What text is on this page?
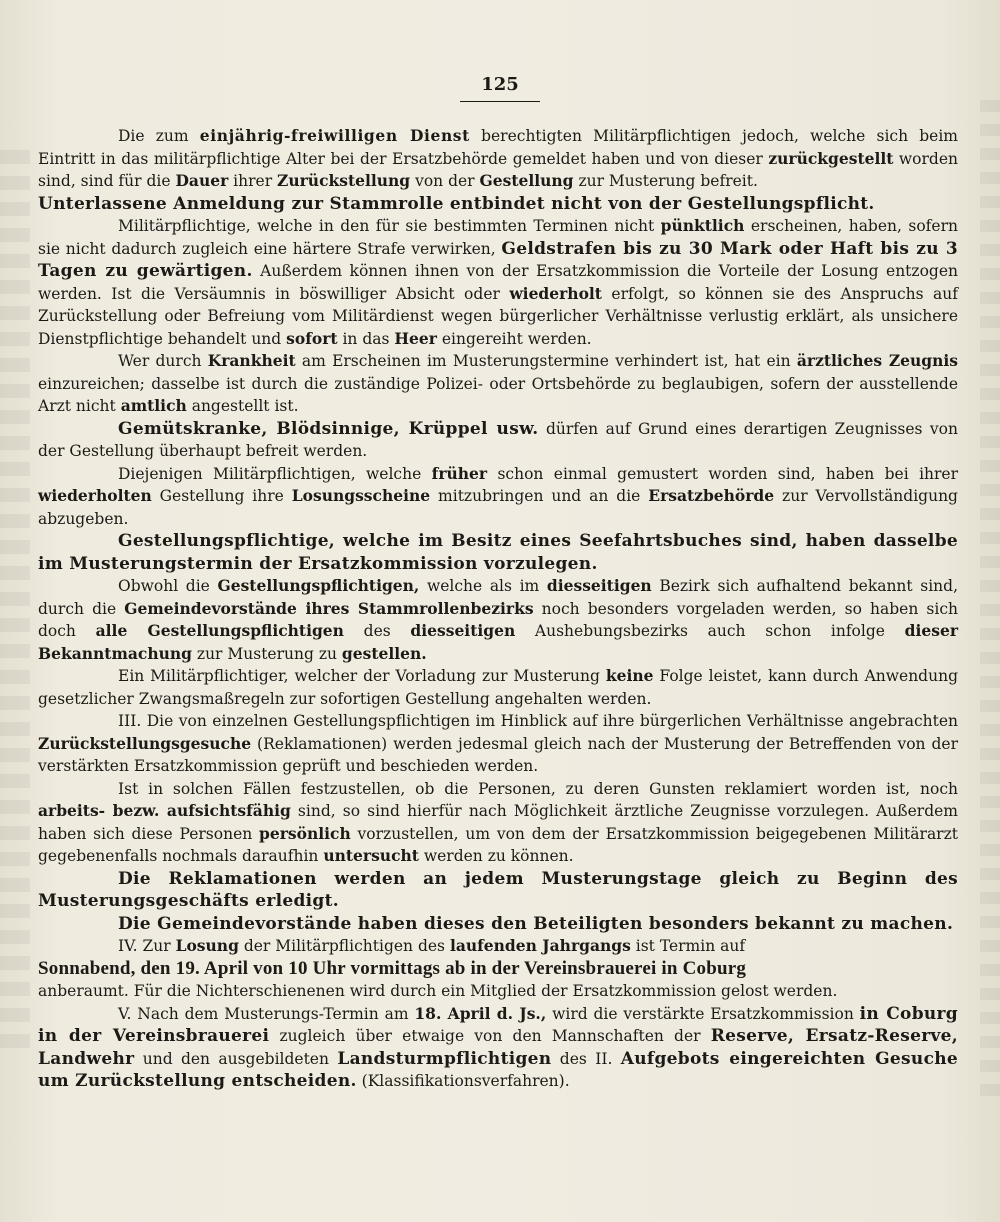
125

Die zum einjährig-freiwilligen Dienst berechtigten Militärpflichtigen jedoch, welche sich beim Eintritt in das militärpflichtige Alter bei der Ersatzbehörde gemeldet haben und von dieser zurückgestellt worden sind, sind für die Dauer ihrer Zurückstellung von der Gestellung zur Musterung befreit.

Unterlassene Anmeldung zur Stammrolle entbindet nicht von der Gestellungspflicht.

Militärpflichtige, welche in den für sie bestimmten Terminen nicht pünktlich erscheinen, haben, sofern sie nicht dadurch zugleich eine härtere Strafe verwirken, Geldstrafen bis zu 30 Mark oder Haft bis zu 3 Tagen zu gewärtigen. Außerdem können ihnen von der Ersatzkommission die Vorteile der Losung entzogen werden. Ist die Versäumnis in böswilliger Absicht oder wiederholt erfolgt, so können sie des Anspruchs auf Zurückstellung oder Befreiung vom Militärdienst wegen bürgerlicher Verhältnisse verlustig erklärt, als unsichere Dienstpflichtige behandelt und sofort in das Heer eingereiht werden.

Wer durch Krankheit am Erscheinen im Musterungstermine verhindert ist, hat ein ärztliches Zeugnis einzureichen; dasselbe ist durch die zuständige Polizei- oder Ortsbehörde zu beglaubigen, sofern der ausstellende Arzt nicht amtlich angestellt ist.

Gemütskranke, Blödsinnige, Krüppel usw. dürfen auf Grund eines derartigen Zeugnisses von der Gestellung überhaupt befreit werden.

Diejenigen Militärpflichtigen, welche früher schon einmal gemustert worden sind, haben bei ihrer wiederholten Gestellung ihre Losungsscheine mitzubringen und an die Ersatzbehörde zur Vervollständigung abzugeben.

Gestellungspflichtige, welche im Besitz eines Seefahrtsbuches sind, haben dasselbe im Musterungstermin der Ersatzkommission vorzulegen.

Obwohl die Gestellungspflichtigen, welche als im diesseitigen Bezirk sich aufhaltend bekannt sind, durch die Gemeindevorstände ihres Stammrollenbezirks noch besonders vorgeladen werden, so haben sich doch alle Gestellungspflichtigen des diesseitigen Aushebungsbezirks auch schon infolge dieser Bekanntmachung zur Musterung zu gestellen.

Ein Militärpflichtiger, welcher der Vorladung zur Musterung keine Folge leistet, kann durch Anwendung gesetzlicher Zwangsmaßregeln zur sofortigen Gestellung angehalten werden.

III. Die von einzelnen Gestellungspflichtigen im Hinblick auf ihre bürgerlichen Verhältnisse angebrachten Zurückstellungsgesuche (Reklamationen) werden jedesmal gleich nach der Musterung der Betreffenden von der verstärkten Ersatzkommission geprüft und beschieden werden.

Ist in solchen Fällen festzustellen, ob die Personen, zu deren Gunsten reklamiert worden ist, noch arbeits- bezw. aufsichtsfähig sind, so sind hierfür nach Möglichkeit ärztliche Zeugnisse vorzulegen. Außerdem haben sich diese Personen persönlich vorzustellen, um von dem der Ersatzkommission beigegebenen Militärarzt gegebenenfalls nochmals daraufhin untersucht werden zu können.

Die Reklamationen werden an jedem Musterungstage gleich zu Beginn des Musterungsgeschäfts erledigt.

Die Gemeindevorstände haben dieses den Beteiligten besonders bekannt zu machen.

IV. Zur Losung der Militärpflichtigen des laufenden Jahrgangs ist Termin auf

Sonnabend, den 19. April von 10 Uhr vormittags ab in der Vereinsbrauerei in Coburg

anberaumt. Für die Nichterschienenen wird durch ein Mitglied der Ersatzkommission gelost werden.

V. Nach dem Musterungs-Termin am 18. April d. Js., wird die verstärkte Ersatzkommission in Coburg in der Vereinsbrauerei zugleich über etwaige von den Mannschaften der Reserve, Ersatz-Reserve, Landwehr und den ausgebildeten Landsturmpflichtigen des II. Aufgebots eingereichten Gesuche um Zurückstellung entscheiden. (Klassifikationsverfahren).
